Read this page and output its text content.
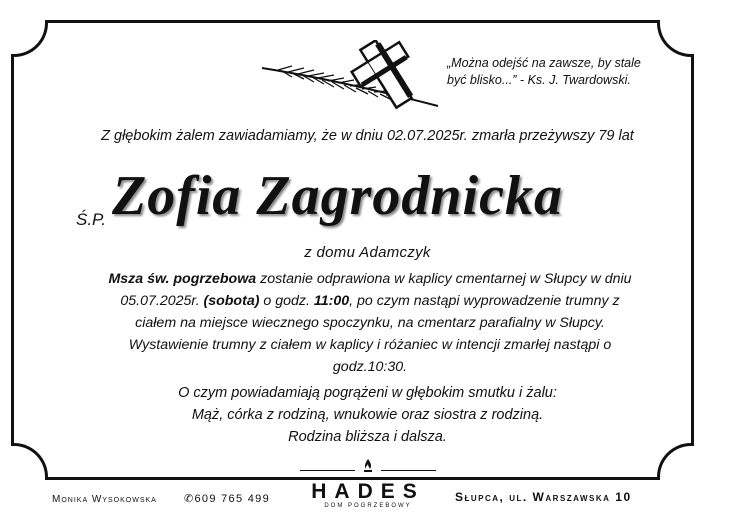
„Można odejść na zawsze, by stale
być blisko...” - Ks. J. Twardowski.
Z głębokim żalem zawiadamiamy, że w dniu 02.07.2025r. zmarła przeżywszy 79 lat
Ś.P. Zofia Zagrodnicka
z domu Adamczyk
Msza św. pogrzebowa zostanie odprawiona w kaplicy cmentarnej w Słupcy w dniu
05.07.2025r. (sobota) o godz. 11:00, po czym nastąpi wyprowadzenie trumny z
ciałem na miejsce wiecznego spoczynku, na cmentarz parafialny w Słupcy.
Wystawienie trumny z ciałem w kaplicy i różaniec w intencji zmarłej nastąpi o
godz.10:30.
O czym powiadamiają pogrążeni w głębokim smutku i żalu:
Mąż, córka z rodziną, wnukowie oraz siostra z rodziną.
Rodzina bliższa i dalsza.
Monika Wysokowska ✆609 765 499	HADES
DOM POGRZEBOWY
Słupca, ul. Warszawska 10
